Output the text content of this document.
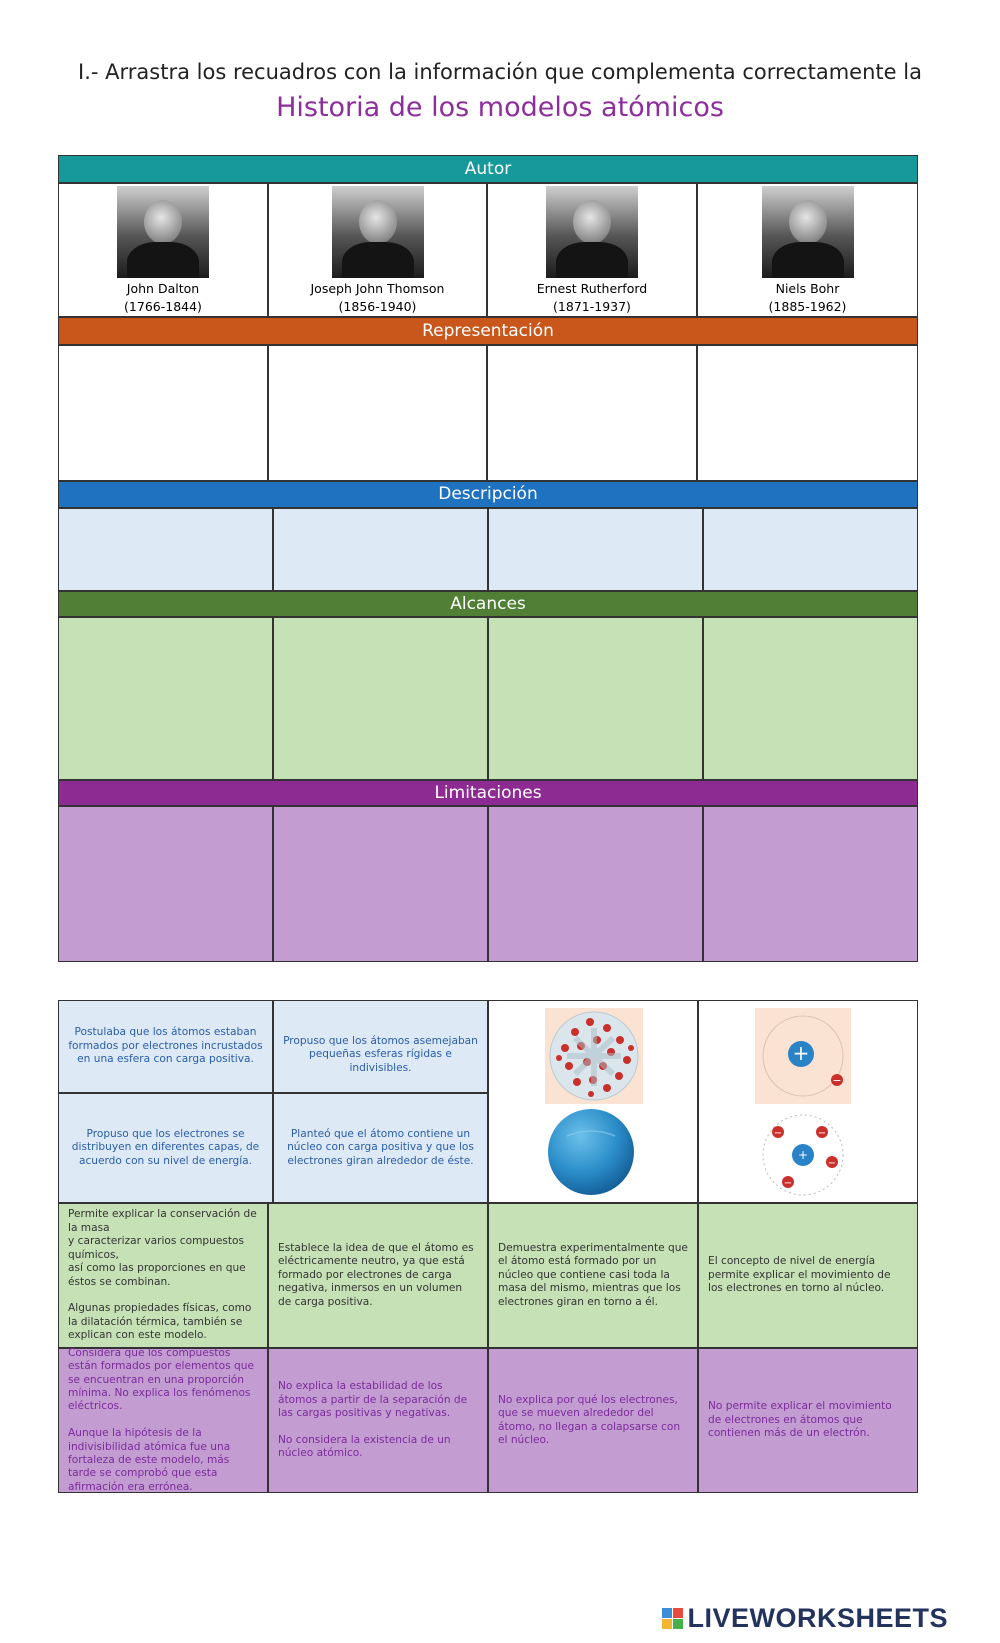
I.- Arrastra los recuadros con la información que complementa correctamente la
Historia de los modelos atómicos
Autor
John Dalton
(1766-1844)
Joseph John Thomson
(1856-1940)
Ernest Rutherford
(1871-1937)
Niels Bohr
(1885-1962)
Representación
Descripción
Alcances
Limitaciones
Postulaba que los átomos estaban formados por electrones incrustados en una esfera con carga positiva.
Propuso que los átomos asemejaban pequeñas esferas rígidas e indivisibles.
Propuso que los electrones se distribuyen en diferentes capas, de acuerdo con su nivel de energía.
Planteó que el átomo contiene un núcleo con carga positiva y que los electrones giran alrededor de éste.
+
−
+
−	−
−
−
Permite explicar la conservación de la masa
y caracterizar varios compuestos químicos,
así como las proporciones en que éstos se combinan.

Algunas propiedades físicas, como la dilatación térmica, también se explican con este modelo.
Establece la idea de que el átomo es eléctricamente neutro, ya que está formado por electrones de carga negativa, inmersos en un volumen de carga positiva.
Demuestra experimentalmente que el átomo está formado por un núcleo que contiene casi toda la masa del mismo, mientras que los electrones giran en torno a él.
El concepto de nivel de energía permite explicar el movimiento de los electrones en torno al núcleo.
Considera que los compuestos están formados por elementos que se encuentran en una proporción mínima. No explica los fenómenos eléctricos.

Aunque la hipótesis de la indivisibilidad atómica fue una fortaleza de este modelo, más tarde se comprobó que esta afirmación era errónea.
No explica la estabilidad de los átomos a partir de la separación de las cargas positivas y negativas.

No considera la existencia de un núcleo atómico.
No explica por qué los electrones, que se mueven alrededor del átomo, no llegan a colapsarse con el núcleo.
No permite explicar el movimiento de electrones en átomos que contienen más de un electrón.
LIVEWORKSHEETS
